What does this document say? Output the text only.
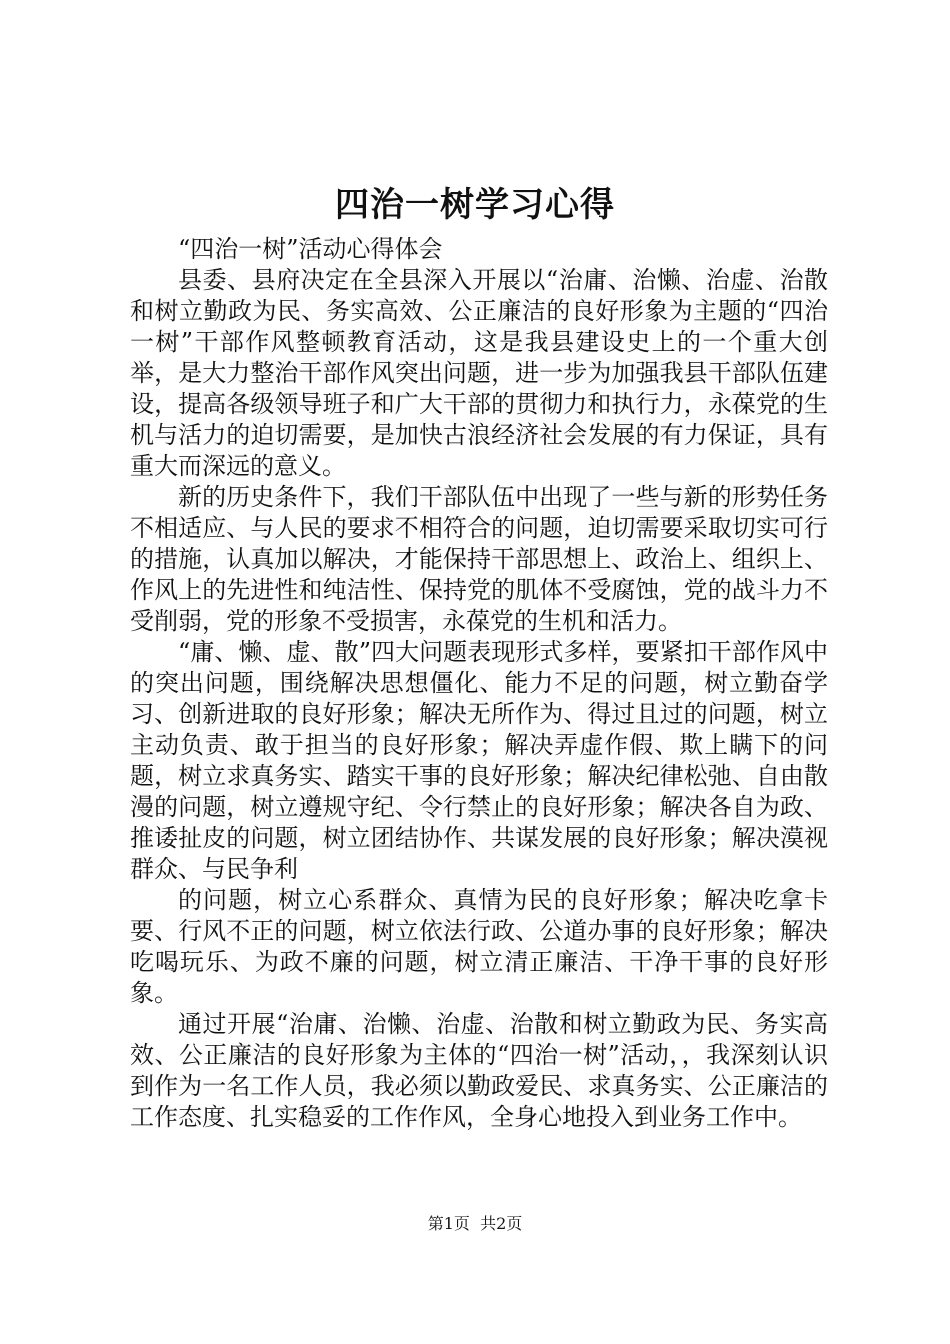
四治一树学习心得

“四治一树”活动心得体会

县委、县府决定在全县深入开展以“治庸、治懒、治虚、治散和树立勤政为民、务实高效、公正廉洁的良好形象为主题的“四治一树”干部作风整顿教育活动，这是我县建设史上的一个重大创举，是大力整治干部作风突出问题，进一步为加强我县干部队伍建设，提高各级领导班子和广大干部的贯彻力和执行力，永葆党的生机与活力的迫切需要，是加快古浪经济社会发展的有力保证，具有重大而深远的意义。

新的历史条件下，我们干部队伍中出现了一些与新的形势任务不相适应、与人民的要求不相符合的问题，迫切需要采取切实可行的措施，认真加以解决，才能保持干部思想上、政治上、组织上、作风上的先进性和纯洁性、保持党的肌体不受腐蚀，党的战斗力不受削弱，党的形象不受损害，永葆党的生机和活力。

“庸、懒、虚、散”四大问题表现形式多样，要紧扣干部作风中的突出问题，围绕解决思想僵化、能力不足的问题，树立勤奋学习、创新进取的良好形象；解决无所作为、得过且过的问题，树立主动负责、敢于担当的良好形象；解决弄虚作假、欺上瞒下的问题，树立求真务实、踏实干事的良好形象；解决纪律松弛、自由散漫的问题，树立遵规守纪、令行禁止的良好形象；解决各自为政、推诿扯皮的问题，树立团结协作、共谋发展的良好形象；解决漠视群众、与民争利

的问题，树立心系群众、真情为民的良好形象；解决吃拿卡要、行风不正的问题，树立依法行政、公道办事的良好形象；解决吃喝玩乐、为政不廉的问题，树立清正廉洁、干净干事的良好形象。

通过开展“治庸、治懒、治虚、治散和树立勤政为民、务实高效、公正廉洁的良好形象为主体的“四治一树”活动，，我深刻认识到作为一名工作人员，我必须以勤政爱民、求真务实、公正廉洁的工作态度、扎实稳妥的工作作风，全身心地投入到业务工作中。

第1页 共2页
